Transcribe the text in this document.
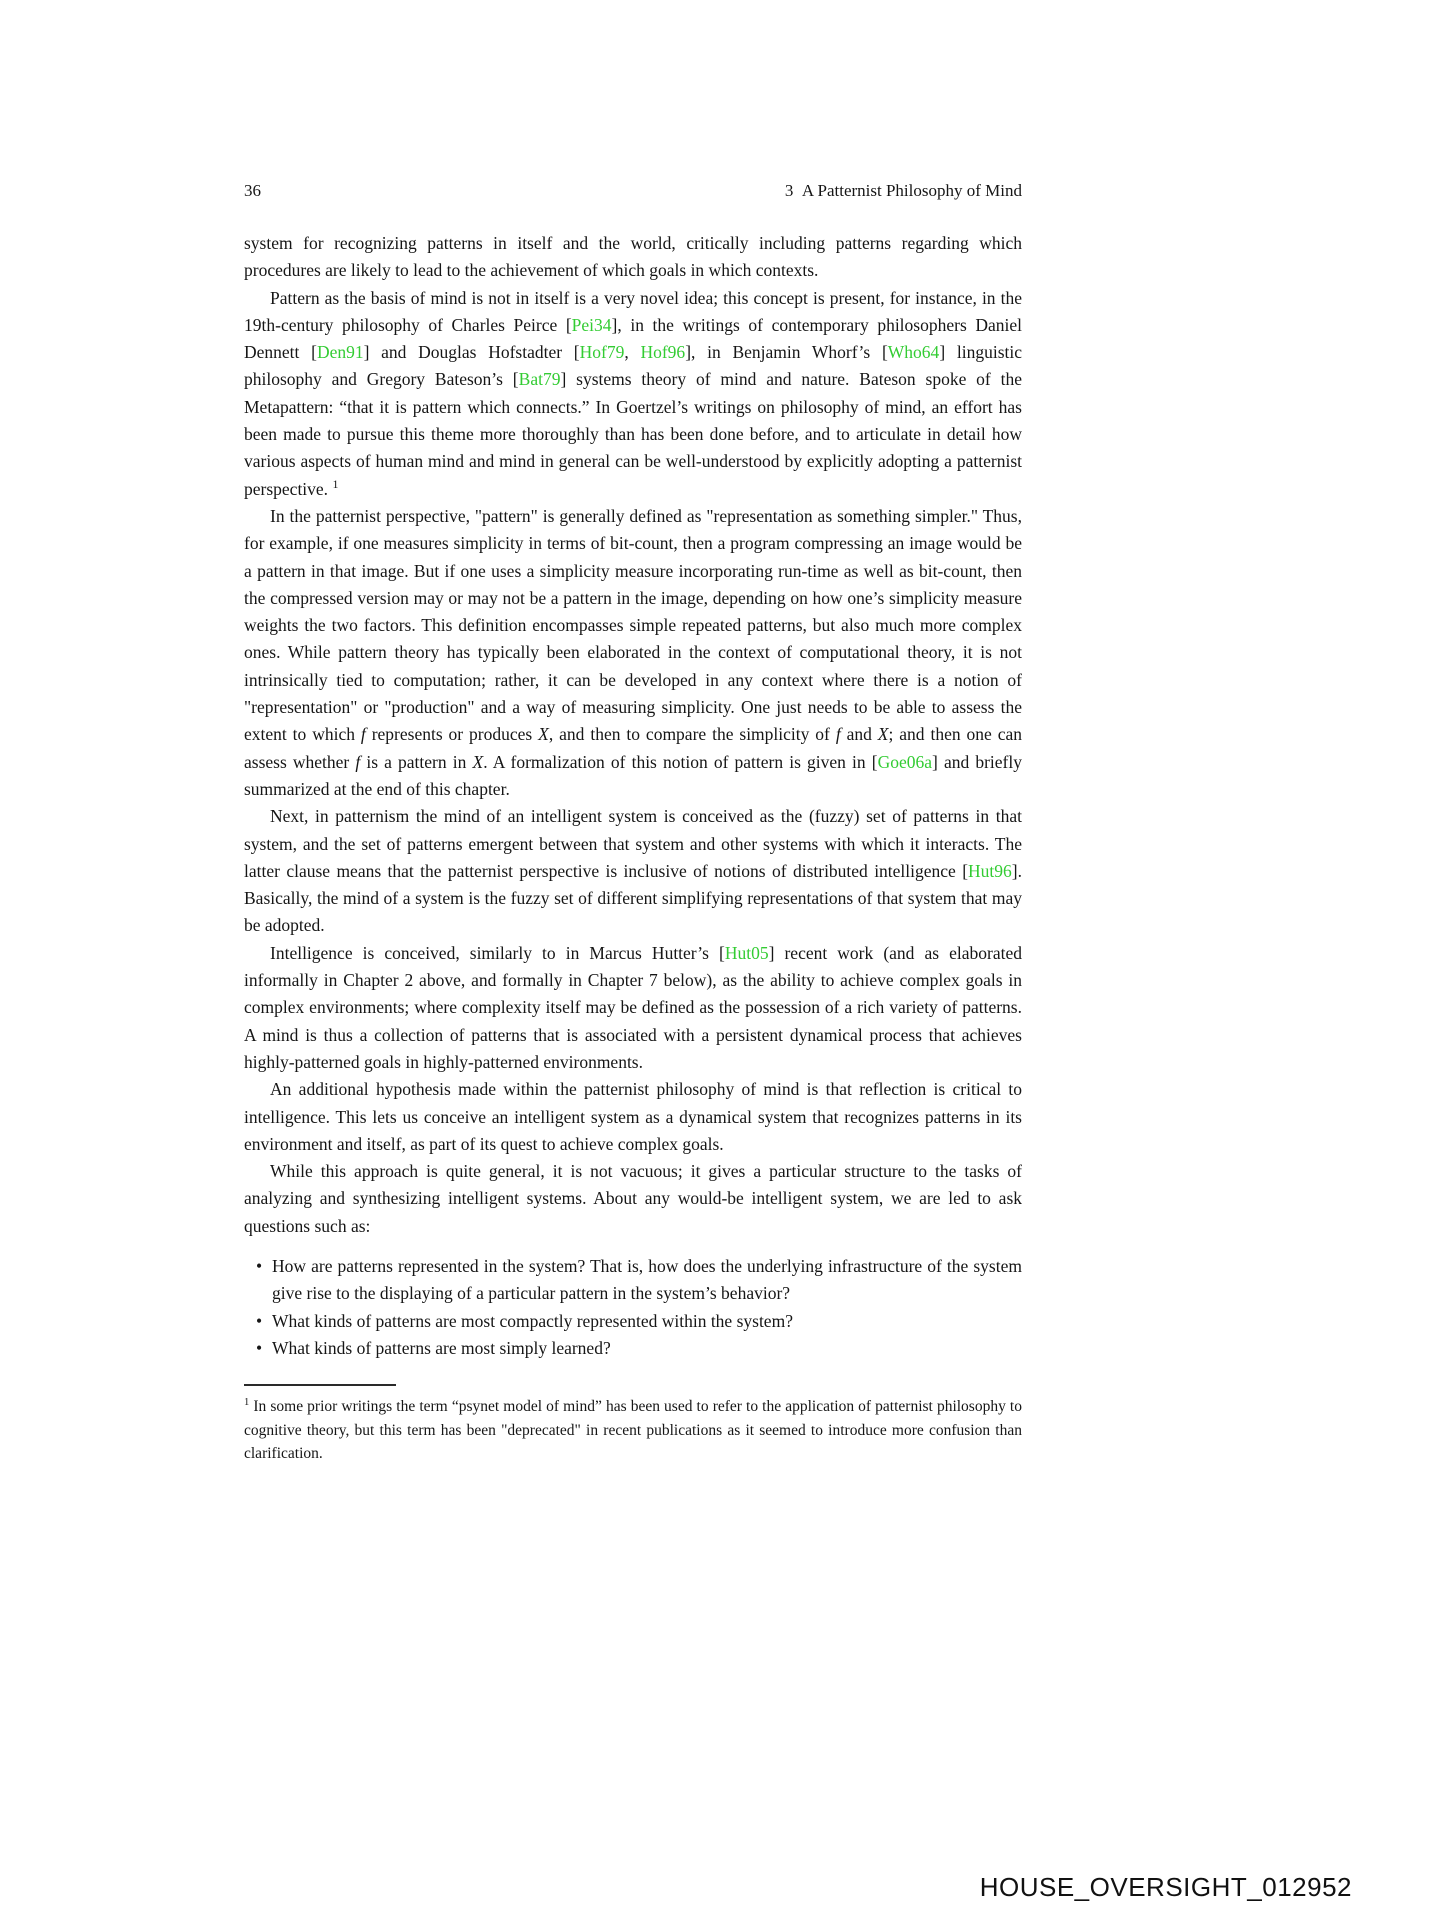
36	3 A Patternist Philosophy of Mind

system for recognizing patterns in itself and the world, critically including patterns regarding which procedures are likely to lead to the achievement of which goals in which contexts.

Pattern as the basis of mind is not in itself is a very novel idea; this concept is present, for instance, in the 19th-century philosophy of Charles Peirce [Pei34], in the writings of contemporary philosophers Daniel Dennett [Den91] and Douglas Hofstadter [Hof79, Hof96], in Benjamin Whorf’s [Who64] linguistic philosophy and Gregory Bateson’s [Bat79] systems theory of mind and nature. Bateson spoke of the Metapattern: “that it is pattern which connects.” In Goertzel’s writings on philosophy of mind, an effort has been made to pursue this theme more thoroughly than has been done before, and to articulate in detail how various aspects of human mind and mind in general can be well-understood by explicitly adopting a patternist perspective. $^1$

In the patternist perspective, "pattern" is generally defined as "representation as something simpler." Thus, for example, if one measures simplicity in terms of bit-count, then a program compressing an image would be a pattern in that image. But if one uses a simplicity measure incorporating run-time as well as bit-count, then the compressed version may or may not be a pattern in the image, depending on how one’s simplicity measure weights the two factors. This definition encompasses simple repeated patterns, but also much more complex ones. While pattern theory has typically been elaborated in the context of computational theory, it is not intrinsically tied to computation; rather, it can be developed in any context where there is a notion of "representation" or "production" and a way of measuring simplicity. One just needs to be able to assess the extent to which f represents or produces X, and then to compare the simplicity of f and X; and then one can assess whether f is a pattern in X. A formalization of this notion of pattern is given in [Goe06a] and briefly summarized at the end of this chapter.

Next, in patternism the mind of an intelligent system is conceived as the (fuzzy) set of patterns in that system, and the set of patterns emergent between that system and other systems with which it interacts. The latter clause means that the patternist perspective is inclusive of notions of distributed intelligence [Hut96]. Basically, the mind of a system is the fuzzy set of different simplifying representations of that system that may be adopted.

Intelligence is conceived, similarly to in Marcus Hutter’s [Hut05] recent work (and as elaborated informally in Chapter 2 above, and formally in Chapter 7 below), as the ability to achieve complex goals in complex environments; where complexity itself may be defined as the possession of a rich variety of patterns. A mind is thus a collection of patterns that is associated with a persistent dynamical process that achieves highly-patterned goals in highly-patterned environments.

An additional hypothesis made within the patternist philosophy of mind is that reflection is critical to intelligence. This lets us conceive an intelligent system as a dynamical system that recognizes patterns in its environment and itself, as part of its quest to achieve complex goals.

While this approach is quite general, it is not vacuous; it gives a particular structure to the tasks of analyzing and synthesizing intelligent systems. About any would-be intelligent system, we are led to ask questions such as:

• How are patterns represented in the system? That is, how does the underlying infrastructure of the system give rise to the displaying of a particular pattern in the system’s behavior?
• What kinds of patterns are most compactly represented within the system?
• What kinds of patterns are most simply learned?
$^1$ In some prior writings the term “psynet model of mind” has been used to refer to the application of patternist philosophy to cognitive theory, but this term has been "deprecated" in recent publications as it seemed to introduce more confusion than clarification.
HOUSE_OVERSIGHT_012952
